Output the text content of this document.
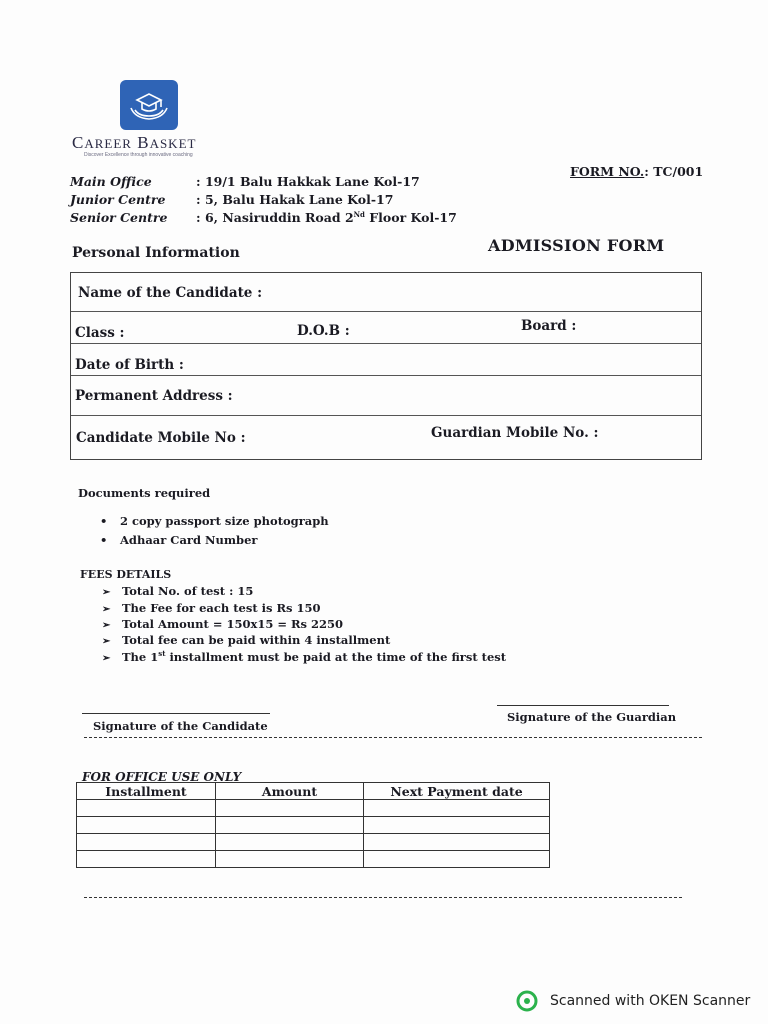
CAREER BASKET
Discover Excellence through innovative coaching
Main Office	: 19/1 Balu Hakkak Lane Kol-17
Junior Centre	: 5, Balu Hakak Lane Kol-17
Senior Centre	: 6, Nasiruddin Road 2Nd Floor Kol-17
FORM NO.: TC/001
Personal Information	ADMISSION FORM
Name of the Candidate :
Class :	D.O.B :	Board :
Date of Birth :
Permanent Address :
Candidate Mobile No :	Guardian Mobile No. :
Documents required
• 2 copy passport size photograph
• Adhaar Card Number
FEES DETAILS
➢ Total No. of test : 15
➢ The Fee for each test is Rs 150
➢ Total Amount = 150x15 = Rs 2250
➢ Total fee can be paid within 4 installment
➢ The 1st installment must be paid at the time of the first test
Signature of the Candidate
Signature of the Guardian
FOR OFFICE USE ONLY
Installment	Amount	Next Payment date

Scanned with OKEN Scanner
